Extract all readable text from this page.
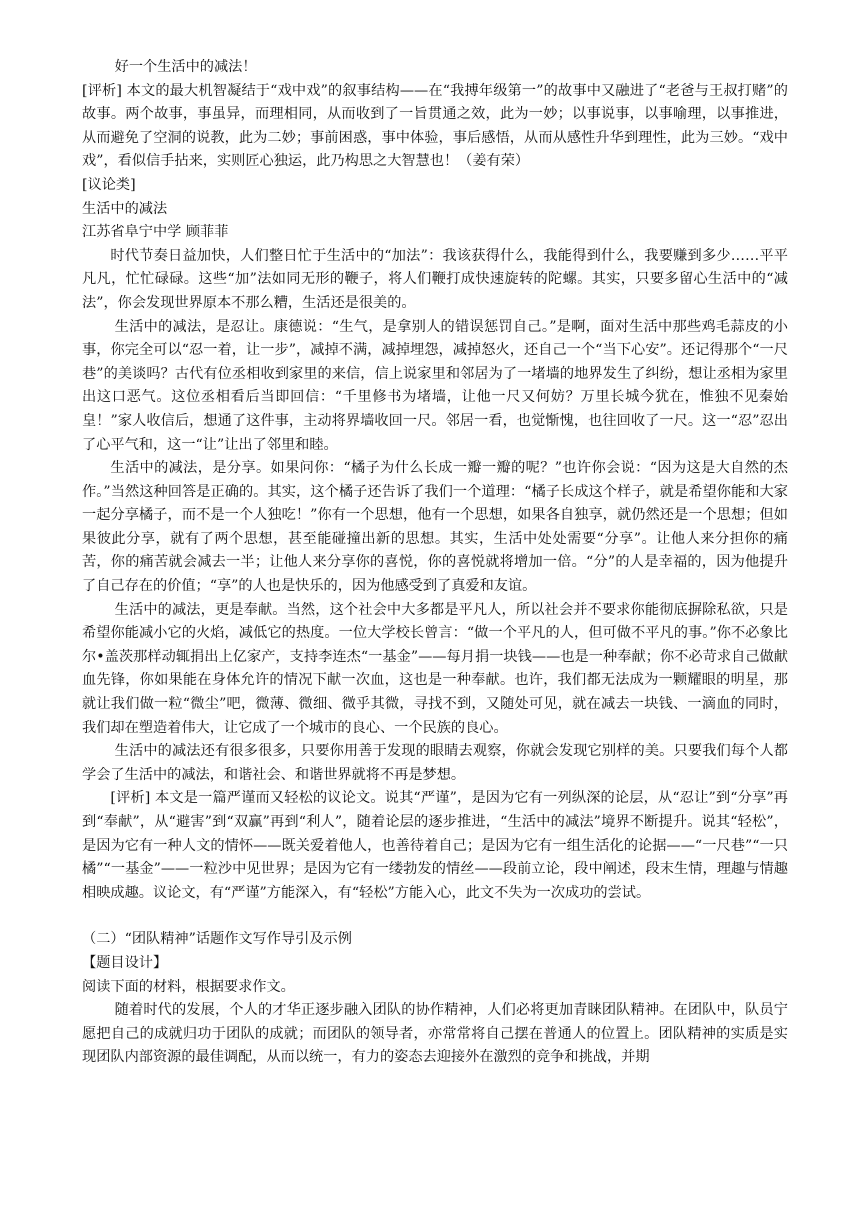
好一个生活中的减法！

[评析] 本文的最大机智凝结于“戏中戏”的叙事结构——在“我搏年级第一”的故事中又融进了“老爸与王叔打赌”的故事。两个故事，事虽异，而理相同，从而收到了一旨贯通之效，此为一妙；以事说事，以事喻理，以事推进，从而避免了空洞的说教，此为二妙；事前困惑，事中体验，事后感悟，从而从感性升华到理性，此为三妙。“戏中戏”，看似信手拈来，实则匠心独运，此乃构思之大智慧也！（姜有荣）

[议论类]

生活中的减法

江苏省阜宁中学 顾菲菲

时代节奏日益加快，人们整日忙于生活中的“加法”：我该获得什么，我能得到什么，我要赚到多少……平平凡凡，忙忙碌碌。这些“加”法如同无形的鞭子，将人们鞭打成快速旋转的陀螺。其实，只要多留心生活中的“减法”，你会发现世界原本不那么糟，生活还是很美的。

生活中的减法，是忍让。康德说：“生气，是拿别人的错误惩罚自己。”是啊，面对生活中那些鸡毛蒜皮的小事，你完全可以“忍一着，让一步”，减掉不满，减掉埋怨，减掉怒火，还自己一个“当下心安”。还记得那个“一尺巷”的美谈吗？古代有位丞相收到家里的来信，信上说家里和邻居为了一堵墙的地界发生了纠纷，想让丞相为家里出这口恶气。这位丞相看后当即回信：“千里修书为堵墙，让他一尺又何妨？万里长城今犹在，惟独不见秦始皇！”家人收信后，想通了这件事，主动将界墙收回一尺。邻居一看，也觉惭愧，也往回收了一尺。这一“忍”忍出了心平气和，这一“让”让出了邻里和睦。

生活中的减法，是分享。如果问你：“橘子为什么长成一瓣一瓣的呢？”也许你会说：“因为这是大自然的杰作。”当然这种回答是正确的。其实，这个橘子还告诉了我们一个道理：“橘子长成这个样子，就是希望你能和大家一起分享橘子，而不是一个人独吃！”你有一个思想，他有一个思想，如果各自独享，就仍然还是一个思想；但如果彼此分享，就有了两个思想，甚至能碰撞出新的思想。其实，生活中处处需要“分享”。让他人来分担你的痛苦，你的痛苦就会减去一半；让他人来分享你的喜悦，你的喜悦就将增加一倍。“分”的人是幸福的，因为他提升了自己存在的价值；“享”的人也是快乐的，因为他感受到了真爱和友谊。

生活中的减法，更是奉献。当然，这个社会中大多都是平凡人，所以社会并不要求你能彻底摒除私欲，只是希望你能减小它的火焰，减低它的热度。一位大学校长曾言：“做一个平凡的人，但可做不平凡的事。”你不必象比尔•盖茨那样动辄捐出上亿家产，支持李连杰“一基金”——每月捐一块钱——也是一种奉献；你不必苛求自己做献血先锋，你如果能在身体允许的情况下献一次血，这也是一种奉献。也许，我们都无法成为一颗耀眼的明星，那就让我们做一粒“微尘”吧，微薄、微细、微乎其微，寻找不到，又随处可见，就在减去一块钱、一滴血的同时，我们却在塑造着伟大，让它成了一个城市的良心、一个民族的良心。

生活中的减法还有很多很多，只要你用善于发现的眼睛去观察，你就会发现它别样的美。只要我们每个人都学会了生活中的减法，和谐社会、和谐世界就将不再是梦想。

[评析] 本文是一篇严谨而又轻松的议论文。说其“严谨”，是因为它有一列纵深的论层，从“忍让”到“分享”再到“奉献”，从“避害”到“双赢”再到“利人”，随着论层的逐步推进，“生活中的减法”境界不断提升。说其“轻松”，是因为它有一种人文的情怀——既关爱着他人，也善待着自己；是因为它有一组生活化的论据——“一尺巷”“一只橘”“一基金”——一粒沙中见世界；是因为它有一缕勃发的情丝——段前立论，段中阐述，段末生情，理趣与情趣相映成趣。议论文，有“严谨”方能深入，有“轻松”方能入心，此文不失为一次成功的尝试。

（二）“团队精神”话题作文写作导引及示例

【题目设计】

阅读下面的材料，根据要求作文。

随着时代的发展，个人的才华正逐步融入团队的协作精神，人们必将更加青睐团队精神。在团队中，队员宁愿把自己的成就归功于团队的成就；而团队的领导者，亦常常将自己摆在普通人的位置上。团队精神的实质是实现团队内部资源的最佳调配，从而以统一，有力的姿态去迎接外在激烈的竞争和挑战，并期
